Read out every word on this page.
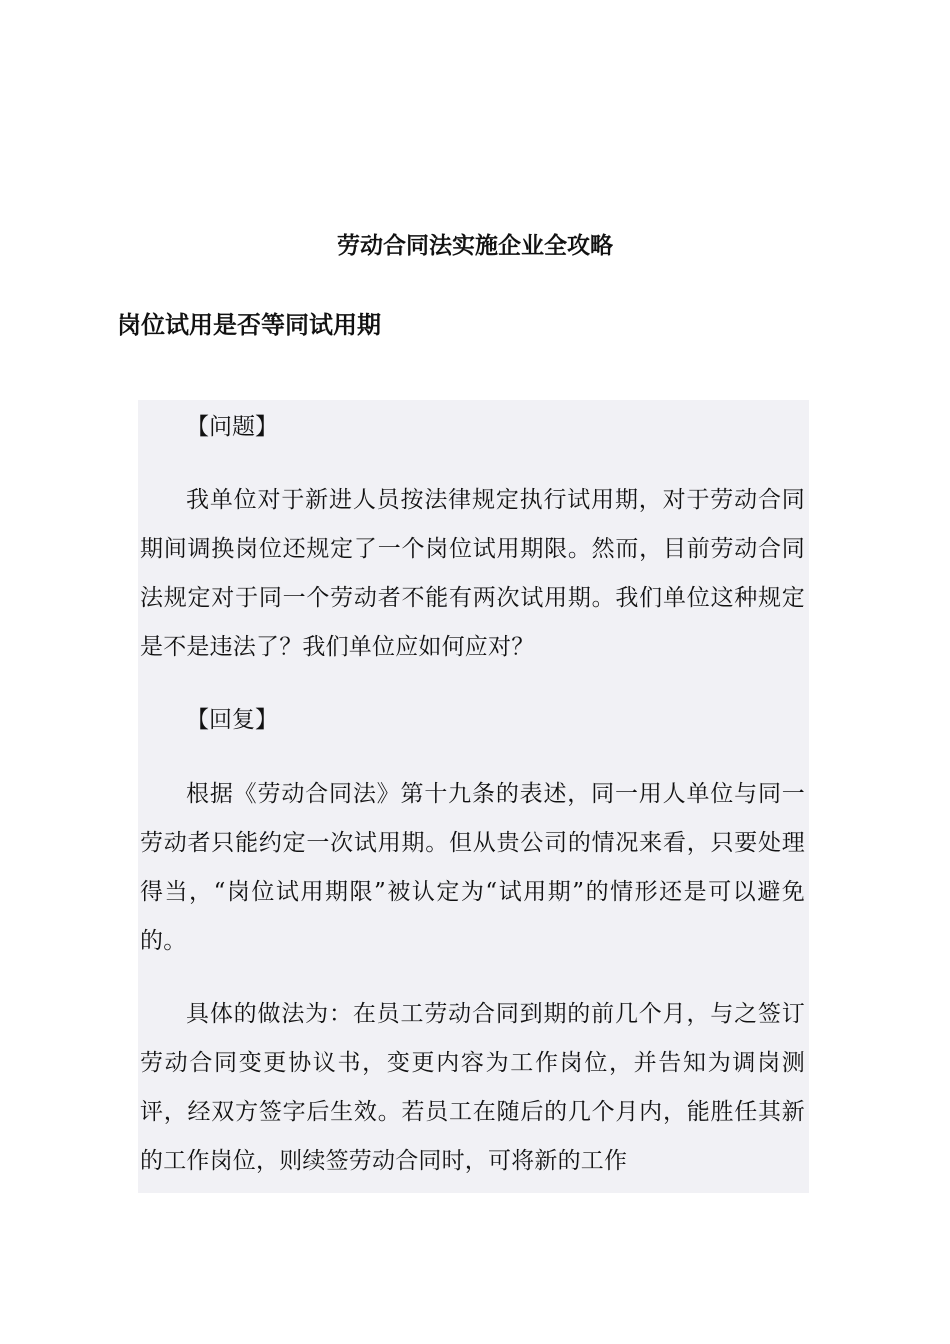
劳动合同法实施企业全攻略
岗位试用是否等同试用期

【问题】

我单位对于新进人员按法律规定执行试用期，对于劳动合同期间调换岗位还规定了一个岗位试用期限。然而，目前劳动合同法规定对于同一个劳动者不能有两次试用期。我们单位这种规定是不是违法了？我们单位应如何应对？

【回复】

根据《劳动合同法》第十九条的表述，同一用人单位与同一劳动者只能约定一次试用期。但从贵公司的情况来看，只要处理得当，“岗位试用期限”被认定为“试用期”的情形还是可以避免的。

具体的做法为：在员工劳动合同到期的前几个月，与之签订劳动合同变更协议书，变更内容为工作岗位，并告知为调岗测评，经双方签字后生效。若员工在随后的几个月内，能胜任其新的工作岗位，则续签劳动合同时，可将新的工作
